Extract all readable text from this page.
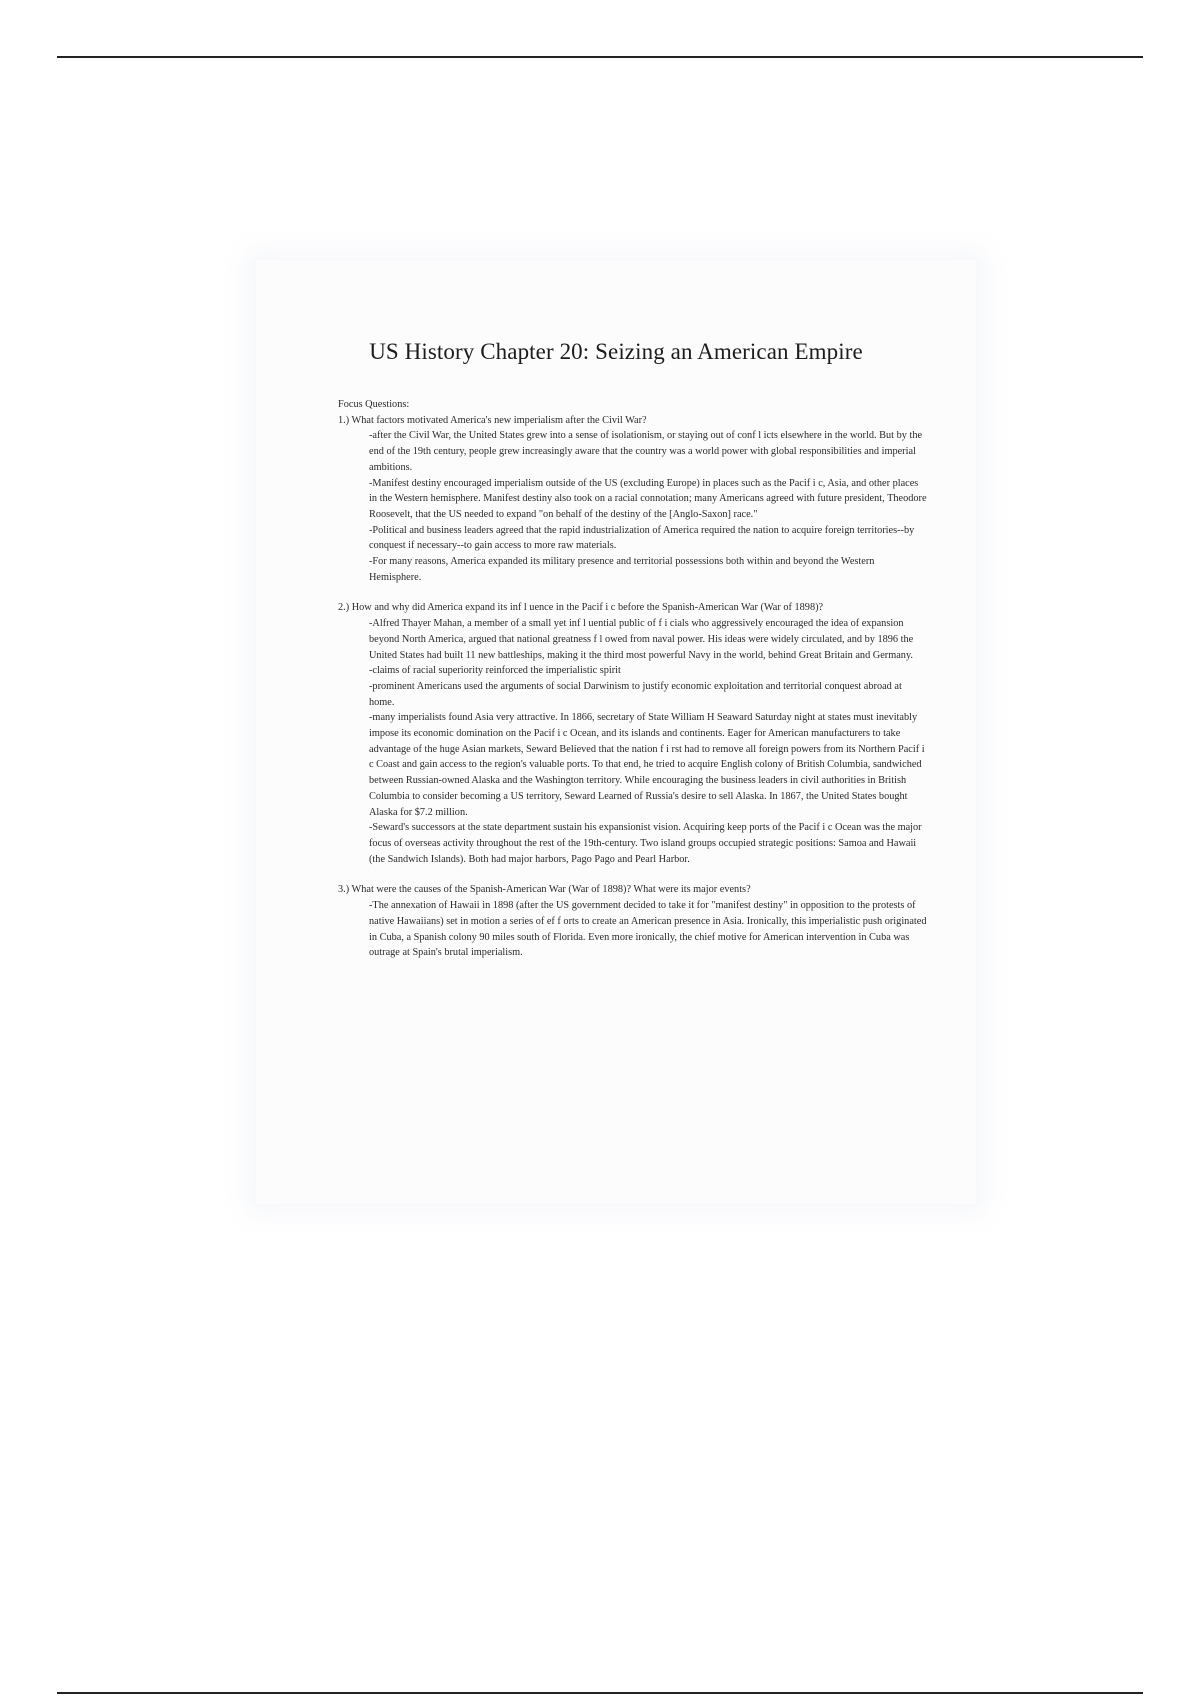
US History Chapter 20: Seizing an American Empire

Focus Questions:

1.) What factors motivated America's new imperialism after the Civil War?

-after the Civil War, the United States grew into a sense of isolationism, or staying out of conf l icts elsewhere in the world. But by the end of the 19th century, people grew increasingly aware that the country was a world power with global responsibilities and imperial ambitions.

-Manifest destiny encouraged imperialism outside of the US (excluding Europe) in places such as the Pacif i c, Asia, and other places in the Western hemisphere. Manifest destiny also took on a racial connotation; many Americans agreed with future president, Theodore Roosevelt, that the US needed to expand "on behalf of the destiny of the [Anglo-Saxon] race."

-Political and business leaders agreed that the rapid industrialization of America required the nation to acquire foreign territories--by conquest if necessary--to gain access to more raw materials.

-For many reasons, America expanded its military presence and territorial possessions both within and beyond the Western Hemisphere.

2.) How and why did America expand its inf l uence in the Pacif i c before the Spanish-American War (War of 1898)?

-Alfred Thayer Mahan, a member of a small yet inf l uential public of f i cials who aggressively encouraged the idea of expansion beyond North America, argued that national greatness f l owed from naval power. His ideas were widely circulated, and by 1896 the United States had built 11 new battleships, making it the third most powerful Navy in the world, behind Great Britain and Germany.

-claims of racial superiority reinforced the imperialistic spirit

-prominent Americans used the arguments of social Darwinism to justify economic exploitation and territorial conquest abroad at home.

-many imperialists found Asia very attractive. In 1866, secretary of State William H Seaward Saturday night at states must inevitably impose its economic domination on the Pacif i c Ocean, and its islands and continents. Eager for American manufacturers to take advantage of the huge Asian markets, Seward Believed that the nation f i rst had to remove all foreign powers from its Northern Pacif i c Coast and gain access to the region's valuable ports. To that end, he tried to acquire English colony of British Columbia, sandwiched between Russian-owned Alaska and the Washington territory. While encouraging the business leaders in civil authorities in British Columbia to consider becoming a US territory, Seward Learned of Russia's desire to sell Alaska. In 1867, the United States bought Alaska for $7.2 million.

-Seward's successors at the state department sustain his expansionist vision. Acquiring keep ports of the Pacif i c Ocean was the major focus of overseas activity throughout the rest of the 19th-century. Two island groups occupied strategic positions: Samoa and Hawaii (the Sandwich Islands). Both had major harbors, Pago Pago and Pearl Harbor.

3.) What were the causes of the Spanish-American War (War of 1898)? What were its major events?

-The annexation of Hawaii in 1898 (after the US government decided to take it for "manifest destiny" in opposition to the protests of native Hawaiians) set in motion a series of ef f orts to create an American presence in Asia. Ironically, this imperialistic push originated in Cuba, a Spanish colony 90 miles south of Florida. Even more ironically, the chief motive for American intervention in Cuba was outrage at Spain's brutal imperialism.
